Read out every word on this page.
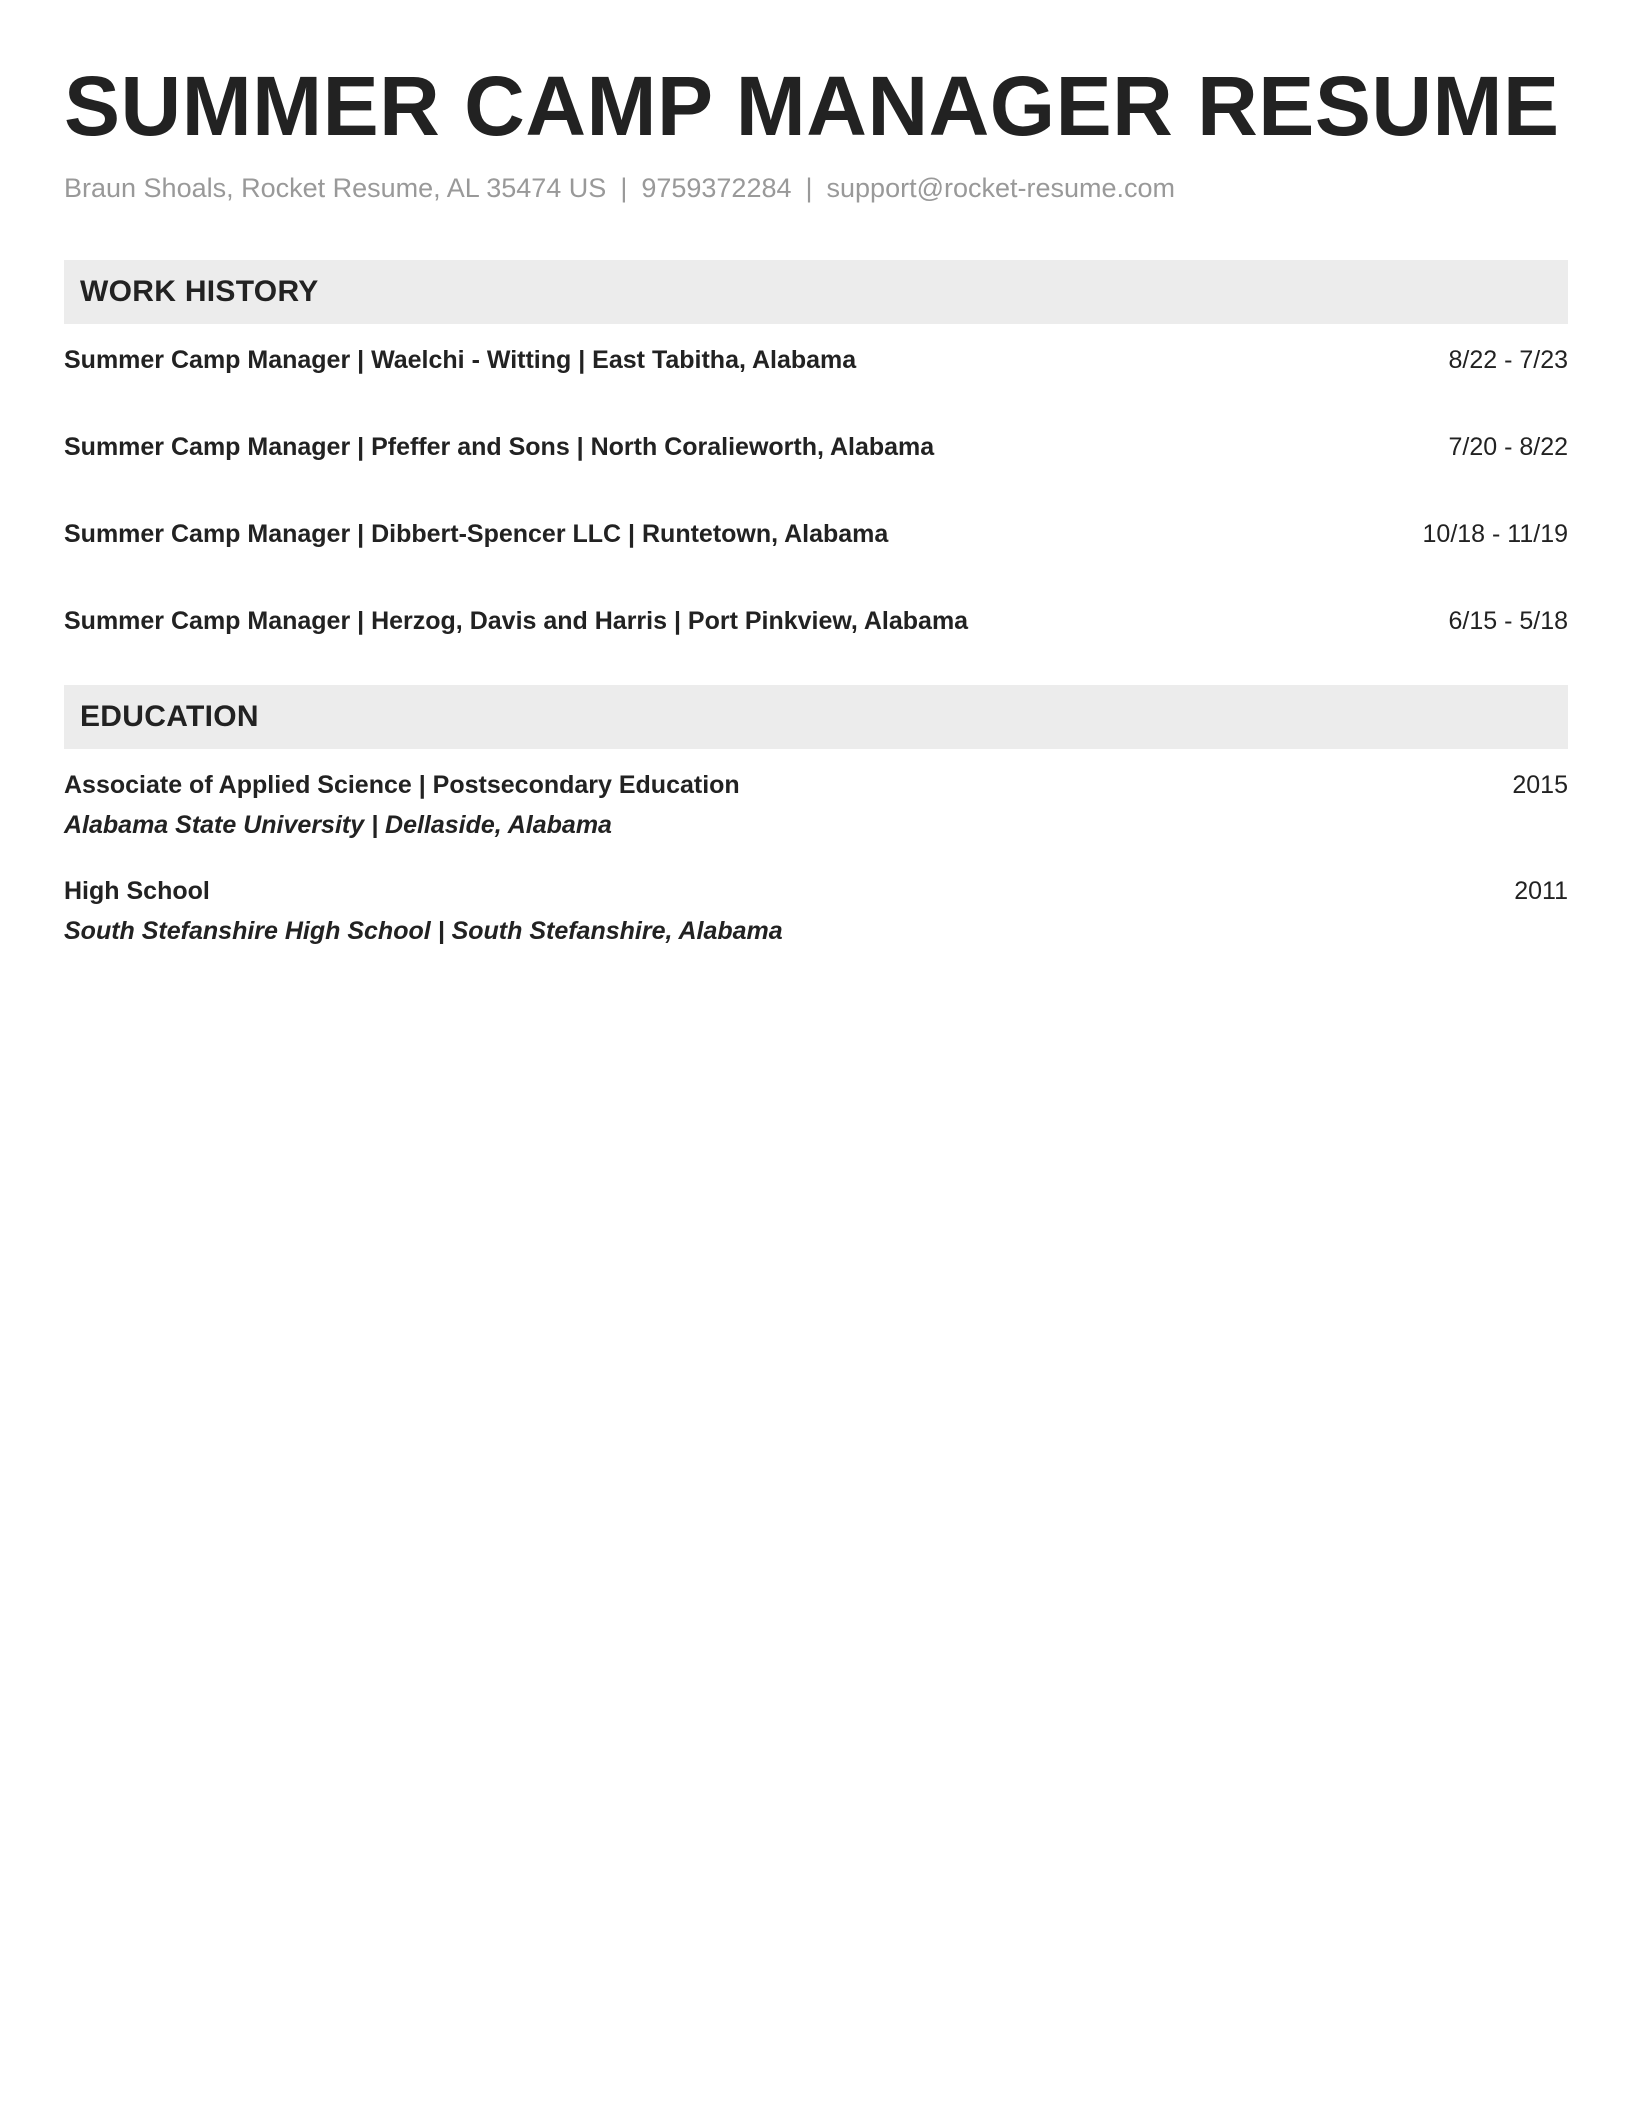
SUMMER CAMP MANAGER RESUME
Braun Shoals, Rocket Resume, AL 35474 US | 9759372284 | support@rocket-resume.com
WORK HISTORY
Summer Camp Manager | Waelchi - Witting | East Tabitha, Alabama	8/22 - 7/23
Summer Camp Manager | Pfeffer and Sons | North Coralieworth, Alabama	7/20 - 8/22
Summer Camp Manager | Dibbert-Spencer LLC | Runtetown, Alabama	10/18 - 11/19
Summer Camp Manager | Herzog, Davis and Harris | Port Pinkview, Alabama	6/15 - 5/18
EDUCATION
Associate of Applied Science | Postsecondary Education	2015
Alabama State University | Dellaside, Alabama
High School	2011
South Stefanshire High School | South Stefanshire, Alabama
